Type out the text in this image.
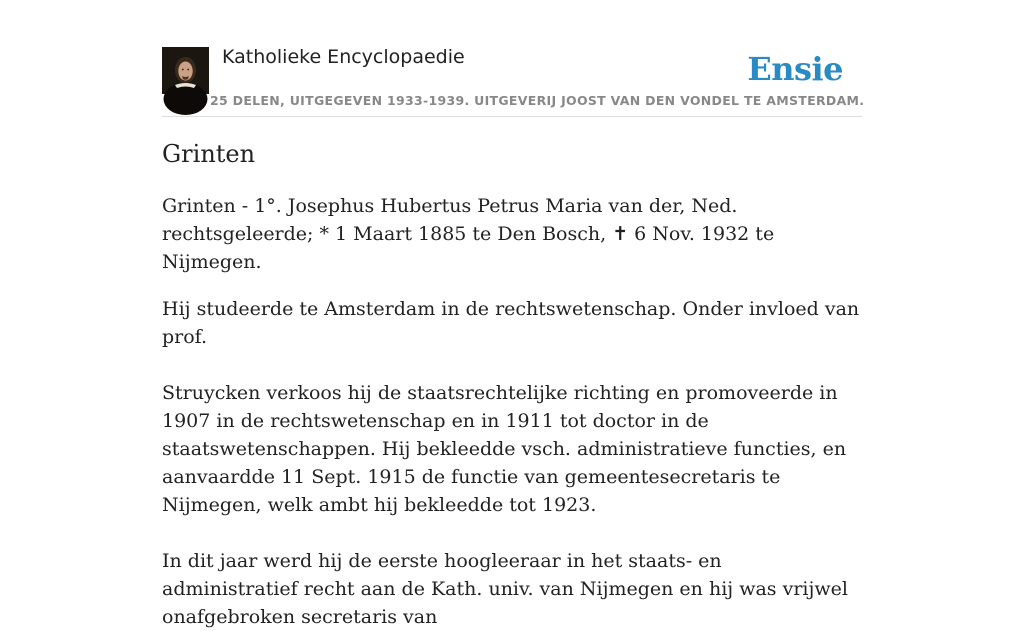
Katholieke Encyclopaedie	Ensie
25 DELEN, UITGEGEVEN 1933-1939. UITGEVERIJ JOOST VAN DEN VONDEL TE AMSTERDAM.
Grinten

Grinten - 1°. Josephus Hubertus Petrus Maria van der, Ned. rechtsgeleerde; * 1 Maart 1885 te Den Bosch, ✝ 6 Nov. 1932 te Nijmegen.

Hij studeerde te Amsterdam in de rechtswetenschap. Onder invloed van prof.

Struycken verkoos hij de staatsrechtelijke richting en promoveerde in 1907 in de rechtswetenschap en in 1911 tot doctor in de staatswetenschappen. Hij bekleedde vsch. administratieve functies, en aanvaardde 11 Sept. 1915 de functie van gemeentesecretaris te Nijmegen, welk ambt hij bekleedde tot 1923.

In dit jaar werd hij de eerste hoogleeraar in het staats- en administratief recht aan de Kath. univ. van Nijmegen en hij was vrijwel onafgebroken secretaris van
